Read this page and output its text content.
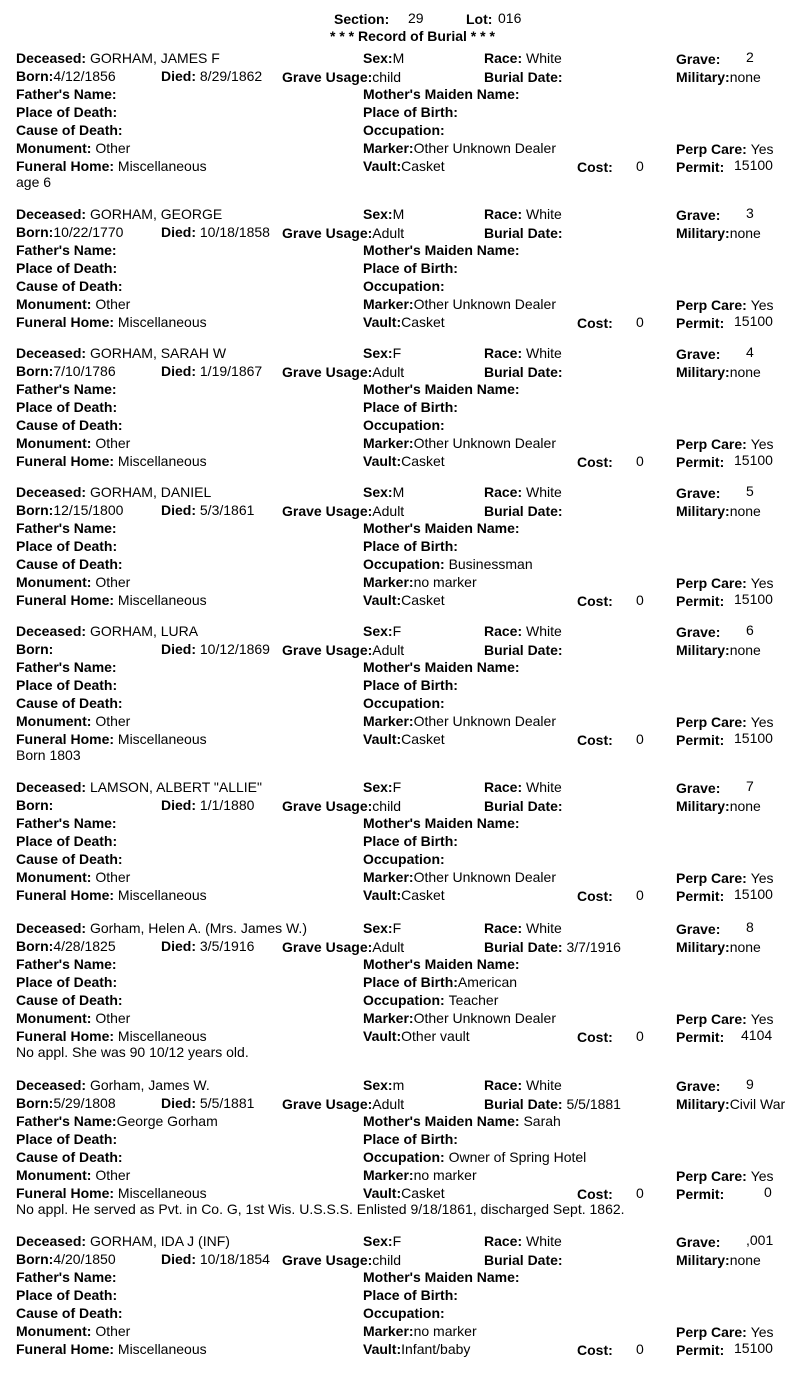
Section: 29	Lot: 016
* * * Record of Burial * * *
Deceased: GORHAM, JAMES F	Sex:M	Race: White	Grave: 2
Born:4/12/1856	Died: 8/29/1862 Grave Usage:child	Burial Date:	Military:none
Father's Name:	Mother's Maiden Name:
Place of Death:	Place of Birth:
Cause of Death:	Occupation:
Monument: Other	Marker:Other Unknown Dealer	Perp Care: Yes
Funeral Home: Miscellaneous	Vault:Casket	Cost: 0 Permit: 15100
age 6
Deceased: GORHAM, GEORGE	Sex:M	Race: White	Grave: 3
Born:10/22/1770	Died: 10/18/1858 Grave Usage:Adult	Burial Date:	Military:none
Father's Name:	Mother's Maiden Name:
Place of Death:	Place of Birth:
Cause of Death:	Occupation:
Monument: Other	Marker:Other Unknown Dealer	Perp Care: Yes
Funeral Home: Miscellaneous	Vault:Casket	Cost: 0 Permit: 15100
Deceased: GORHAM, SARAH W	Sex:F	Race: White	Grave: 4
Born:7/10/1786	Died: 1/19/1867 Grave Usage:Adult	Burial Date:	Military:none
Father's Name:	Mother's Maiden Name:
Place of Death:	Place of Birth:
Cause of Death:	Occupation:
Monument: Other	Marker:Other Unknown Dealer	Perp Care: Yes
Funeral Home: Miscellaneous	Vault:Casket	Cost: 0 Permit: 15100
Deceased: GORHAM, DANIEL	Sex:M	Race: White	Grave: 5
Born:12/15/1800	Died: 5/3/1861 Grave Usage:Adult	Burial Date:	Military:none
Father's Name:	Mother's Maiden Name:
Place of Death:	Place of Birth:
Cause of Death:	Occupation: Businessman
Monument: Other	Marker:no marker	Perp Care: Yes
Funeral Home: Miscellaneous	Vault:Casket	Cost: 0 Permit: 15100
Deceased: GORHAM, LURA	Sex:F	Race: White	Grave: 6
Born:	Died: 10/12/1869 Grave Usage:Adult	Burial Date:	Military:none
Father's Name:	Mother's Maiden Name:
Place of Death:	Place of Birth:
Cause of Death:	Occupation:
Monument: Other	Marker:Other Unknown Dealer	Perp Care: Yes
Funeral Home: Miscellaneous	Vault:Casket	Cost: 0 Permit: 15100
Born 1803
Deceased: LAMSON, ALBERT "ALLIE"	Sex:F	Race: White	Grave: 7
Born:	Died: 1/1/1880 Grave Usage:child	Burial Date:	Military:none
Father's Name:	Mother's Maiden Name:
Place of Death:	Place of Birth:
Cause of Death:	Occupation:
Monument: Other	Marker:Other Unknown Dealer	Perp Care: Yes
Funeral Home: Miscellaneous	Vault:Casket	Cost: 0 Permit: 15100
Deceased: Gorham, Helen A. (Mrs. James W.)	Sex:F	Race: White	Grave: 8
Born:4/28/1825	Died: 3/5/1916 Grave Usage:Adult	Burial Date: 3/7/1916	Military:none
Father's Name:	Mother's Maiden Name:
Place of Death:	Place of Birth:American
Cause of Death:	Occupation: Teacher
Monument: Other	Marker:Other Unknown Dealer	Perp Care: Yes
Funeral Home: Miscellaneous	Vault:Other vault	Cost: 0 Permit: 4104
No appl. She was 90 10/12 years old.
Deceased: Gorham, James W.	Sex:m	Race: White	Grave: 9
Born:5/29/1808	Died: 5/5/1881 Grave Usage:Adult	Burial Date: 5/5/1881	Military:Civil War
Father's Name:George Gorham	Mother's Maiden Name: Sarah
Place of Death:	Place of Birth:
Cause of Death:	Occupation: Owner of Spring Hotel
Monument: Other	Marker:no marker	Perp Care: Yes
Funeral Home: Miscellaneous	Vault:Casket	Cost: 0 Permit:	0
No appl. He served as Pvt. in Co. G, 1st Wis. U.S.S.S. Enlisted 9/18/1861, discharged Sept. 1862.
Deceased: GORHAM, IDA J (INF)	Sex:F	Race: White	Grave: ,001
Born:4/20/1850	Died: 10/18/1854 Grave Usage:child	Burial Date:	Military:none
Father's Name:	Mother's Maiden Name:
Place of Death:	Place of Birth:
Cause of Death:	Occupation:
Monument: Other	Marker:no marker	Perp Care: Yes
Funeral Home: Miscellaneous	Vault:Infant/baby	Cost: 0 Permit: 15100
